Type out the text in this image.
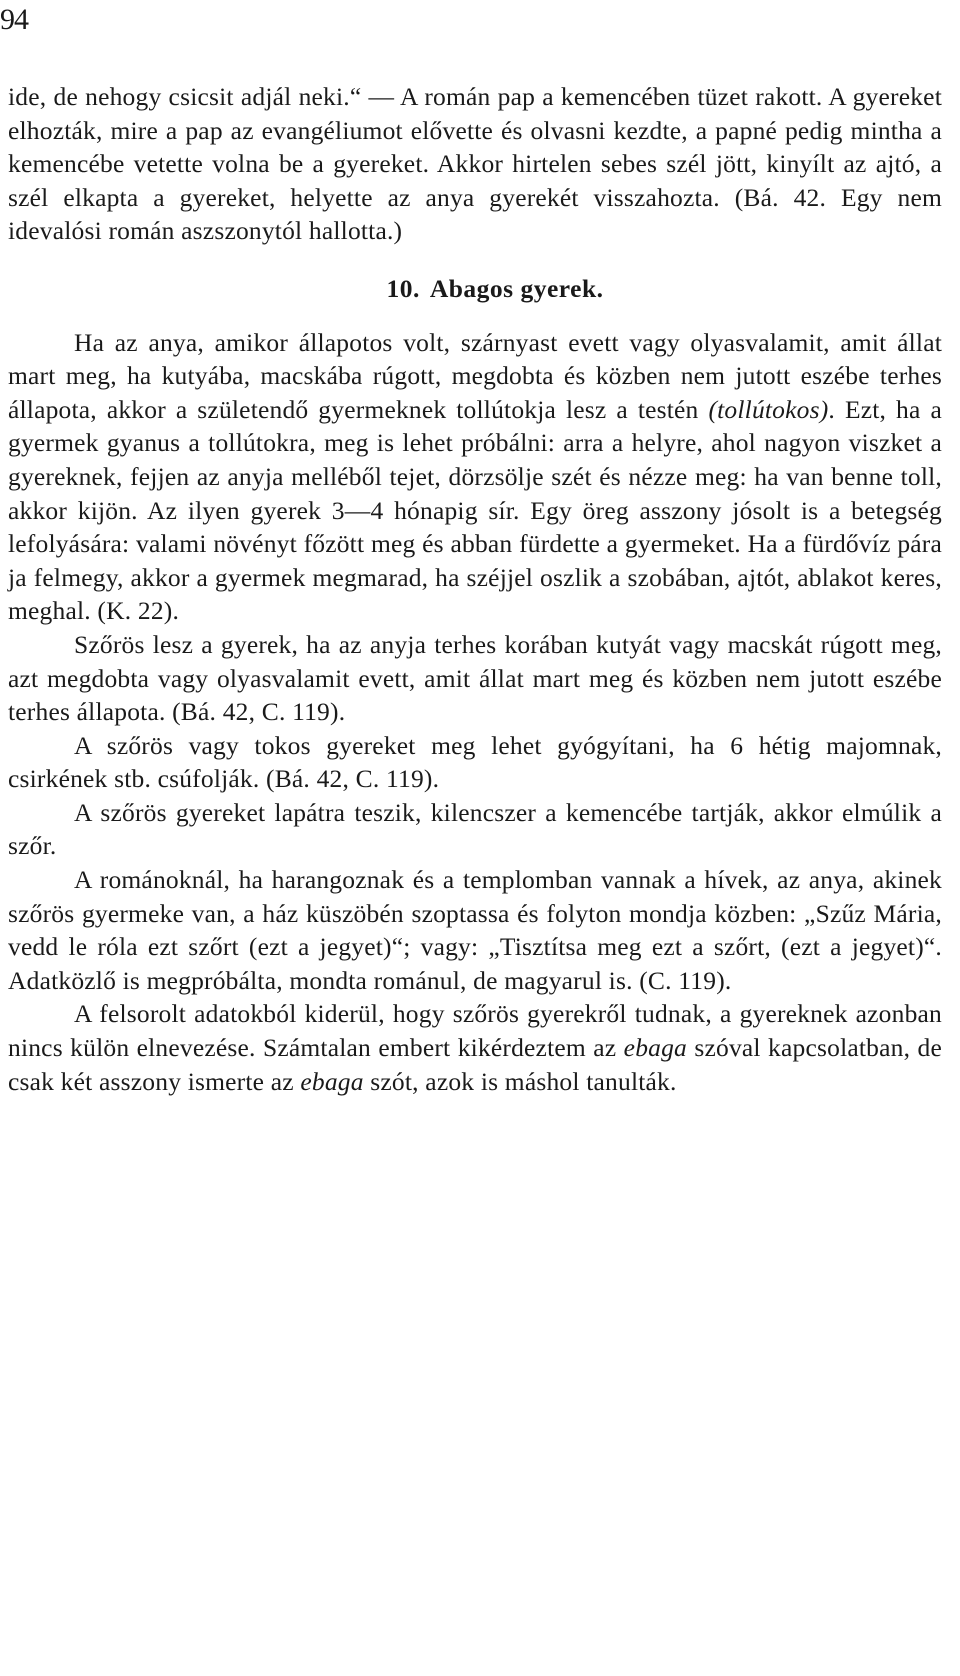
94

ide, de nehogy csicsit adjál neki.“ — A román pap a kemencében tüzet rakott. A gyereket elhozták, mire a pap az evangéliumot elővette és olvasni kezdte, a papné pedig mintha a kemencébe vetette volna be a gyereket. Akkor hirtelen sebes szél jött, kinyílt az ajtó, a szél elkapta a gyereket, helyette az anya gyerekét visszahozta. (Bá. 42. Egy nem idevalósi román aszszonytól hallotta.)

10. Abagos gyerek.

Ha az anya, amikor állapotos volt, szárnyast evett vagy olyasvalamit, amit állat mart meg, ha kutyába, macskába rúgott, megdobta és közben nem jutott eszébe terhes állapota, akkor a születendő gyermeknek tollútokja lesz a testén (tollútokos). Ezt, ha a gyermek gyanus a tollútokra, meg is lehet próbálni: arra a helyre, ahol nagyon viszket a gyereknek, fejjen az anyja melléből tejet, dörzsölje szét és nézze meg: ha van benne toll, akkor kijön. Az ilyen gyerek 3—4 hónapig sír. Egy öreg asszony jósolt is a betegség lefolyására: valami növényt főzött meg és abban fürdette a gyermeket. Ha a fürdővíz pára ja felmegy, akkor a gyermek megmarad, ha széjjel oszlik a szobában, ajtót, ablakot keres, meghal. (K. 22).

Szőrös lesz a gyerek, ha az anyja terhes korában kutyát vagy macskát rúgott meg, azt megdobta vagy olyasvalamit evett, amit állat mart meg és közben nem jutott eszébe terhes állapota. (Bá. 42, C. 119).

A szőrös vagy tokos gyereket meg lehet gyógyítani, ha 6 hétig majomnak, csirkének stb. csúfolják. (Bá. 42, C. 119).

A szőrös gyereket lapátra teszik, kilencszer a kemencébe tartják, akkor elmúlik a szőr.

A románoknál, ha harangoznak és a templomban vannak a hívek, az anya, akinek szőrös gyermeke van, a ház küszöbén szoptassa és folyton mondja közben: „Szűz Mária, vedd le róla ezt szőrt (ezt a jegyet)“; vagy: „Tisztítsa meg ezt a szőrt, (ezt a jegyet)“. Adatközlő is megpróbálta, mondta románul, de magyarul is. (C. 119).

A felsorolt adatokból kiderül, hogy szőrös gyerekről tudnak, a gyereknek azonban nincs külön elnevezése. Számtalan embert kikérdeztem az ebaga szóval kapcsolatban, de csak két asszony ismerte az ebaga szót, azok is máshol tanulták.
